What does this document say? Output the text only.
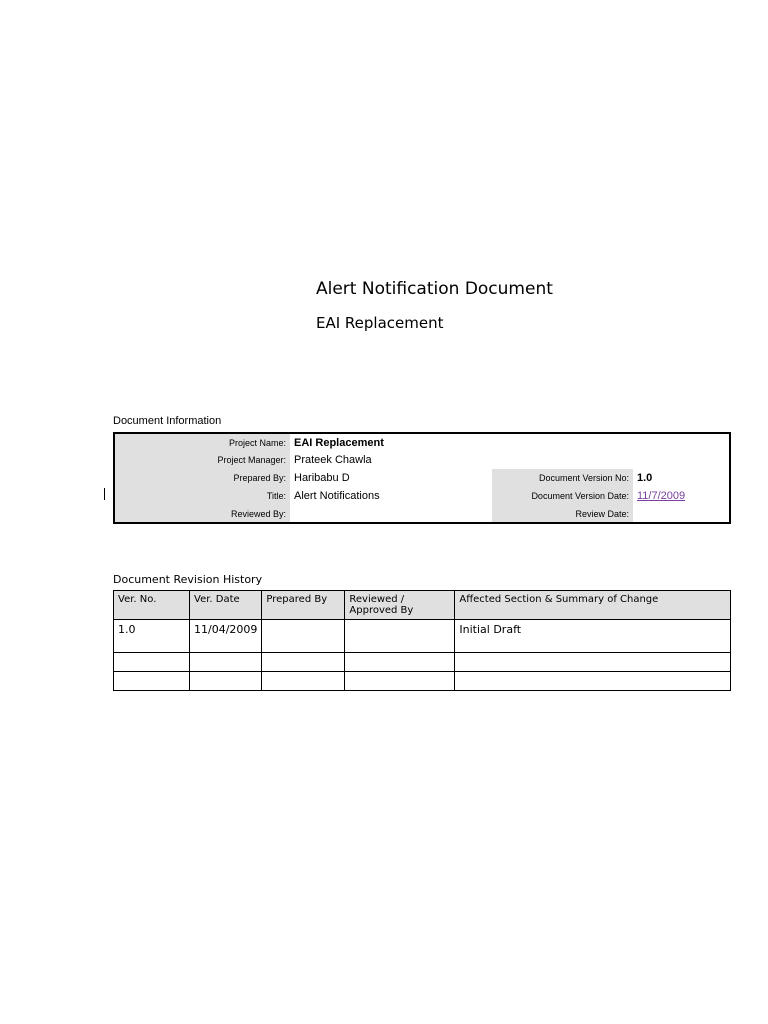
Alert Notification Document
EAI Replacement
Document Information
Project Name:	EAI Replacement		
Project Manager:	Prateek Chawla		
Prepared By:	Haribabu D	Document Version No:	1.0
Title:	Alert Notifications	Document Version Date:	11/7/2009
Reviewed By:		Review Date:	
Document Revision History
Ver. No.	Ver. Date	Prepared By	Reviewed / Approved By	Affected Section & Summary of Change
1.0	11/04/2009			Initial Draft
